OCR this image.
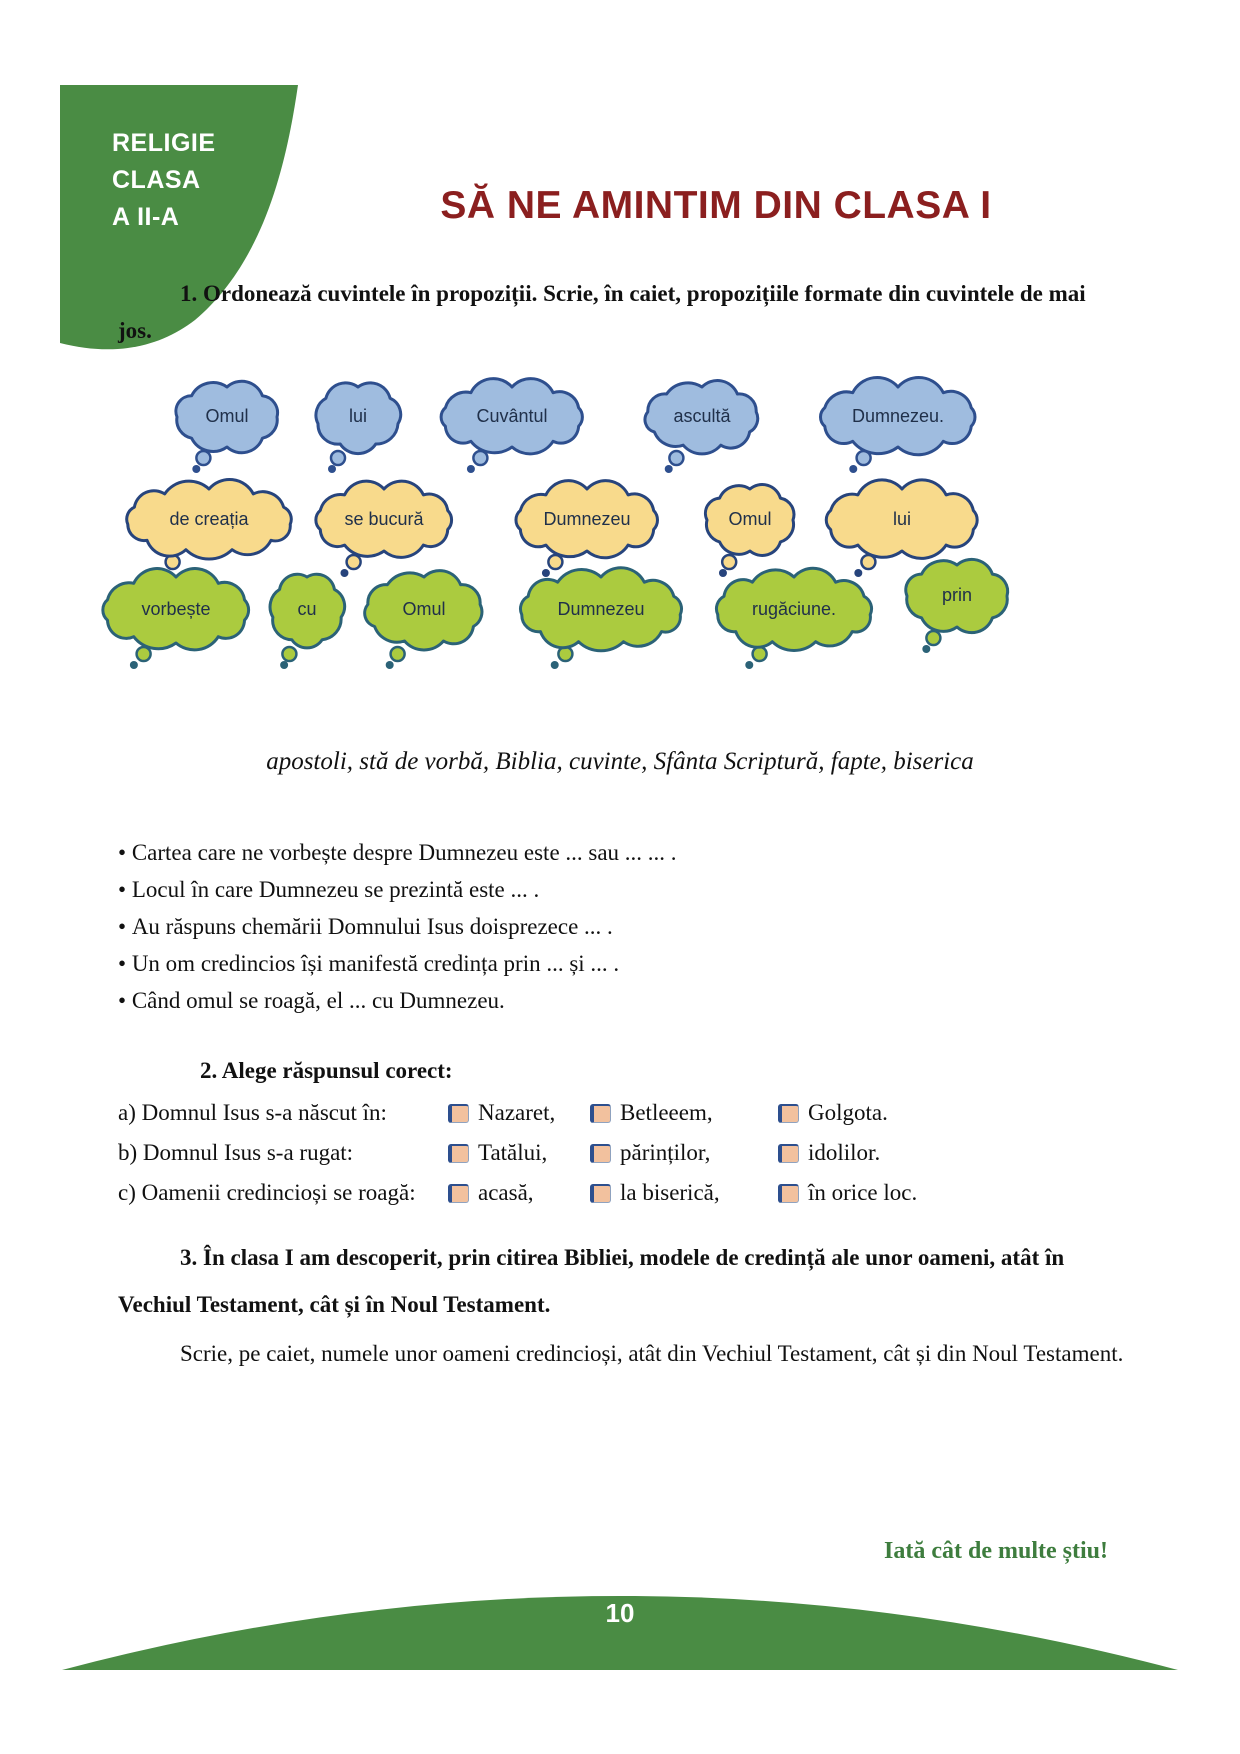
RELIGIE
CLASA
A II-A	SĂ NE AMINTIM DIN CLASA I

1. Ordonează cuvintele în propoziții. Scrie, în caiet, propozițiile formate din cuvintele de mai jos.

Omul	lui	Cuvântul	ascultă	Dumnezeu.
de creația	se bucură	Dumnezeu	Omul	lui
vorbește	cu	Omul	Dumnezeu	rugăciune.
prin

apostoli, stă de vorbă, Biblia, cuvinte, Sfânta Scriptură, fapte, biserica

• Cartea care ne vorbește despre Dumnezeu este ... sau ... ... .
• Locul în care Dumnezeu se prezintă este ... .
• Au răspuns chemării Domnului Isus doisprezece ... .
• Un om credincios își manifestă credința prin ... și ... .
• Când omul se roagă, el ... cu Dumnezeu.

2. Alege răspunsul corect:

a) Domnul Isus s-a născut în:	Nazaret,	Betleeem,	Golgota.
b) Domnul Isus s-a rugat:	Tatălui,	părinților,	idolilor.
c) Oamenii credincioși se roagă:	acasă,	la biserică,	în orice loc.

3. În clasa I am descoperit, prin citirea Bibliei, modele de credință ale unor oameni, atât în Vechiul Testament, cât și în Noul Testament.

Scrie, pe caiet, numele unor oameni credincioși, atât din Vechiul Testament, cât și din Noul Testament.

Iată cât de multe știu!

10
